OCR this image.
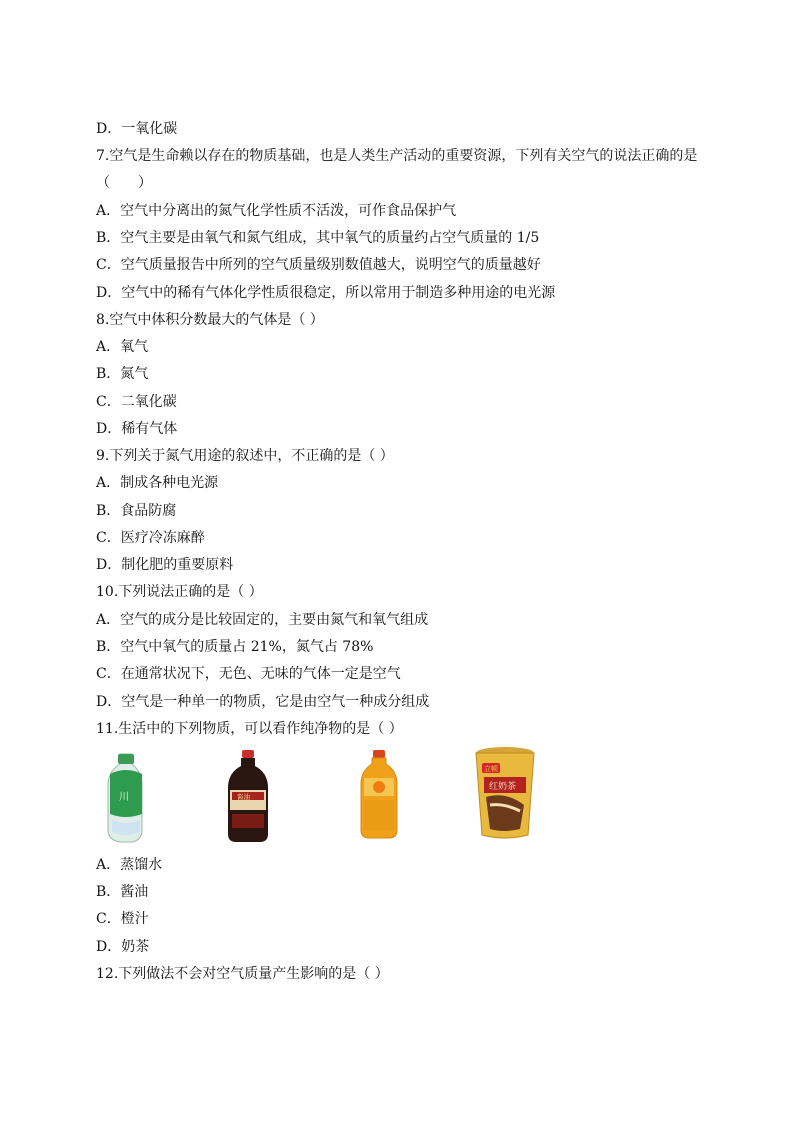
D．一氧化碳
7.空气是生命赖以存在的物质基础，也是人类生产活动的重要资源，下列有关空气的说法正确的是
（　　）
A．空气中分离出的氮气化学性质不活泼，可作食品保护气
B．空气主要是由氧气和氮气组成，其中氧气的质量约占空气质量的 1/5
C．空气质量报告中所列的空气质量级别数值越大，说明空气的质量越好
D．空气中的稀有气体化学性质很稳定，所以常用于制造多种用途的电光源
8.空气中体积分数最大的气体是（ ）
A．氧气
B．氮气
C．二氧化碳
D．稀有气体
9.下列关于氮气用途的叙述中，不正确的是（ ）
A．制成各种电光源
B．食品防腐
C．医疗冷冻麻醉
D．制化肥的重要原料
10.下列说法正确的是（ ）
A．空气的成分是比较固定的，主要由氮气和氧气组成
B．空气中氧气的质量占 21%，氮气占 78%
C．在通常状况下，无色、无味的气体一定是空气
D．空气是一种单一的物质，它是由空气一种成分组成
11.生活中的下列物质，可以看作纯净物的是（ ）
川	酱油
立顿
红奶茶
A．蒸馏水
B．酱油
C．橙汁
D．奶茶
12.下列做法不会对空气质量产生影响的是（ ）
